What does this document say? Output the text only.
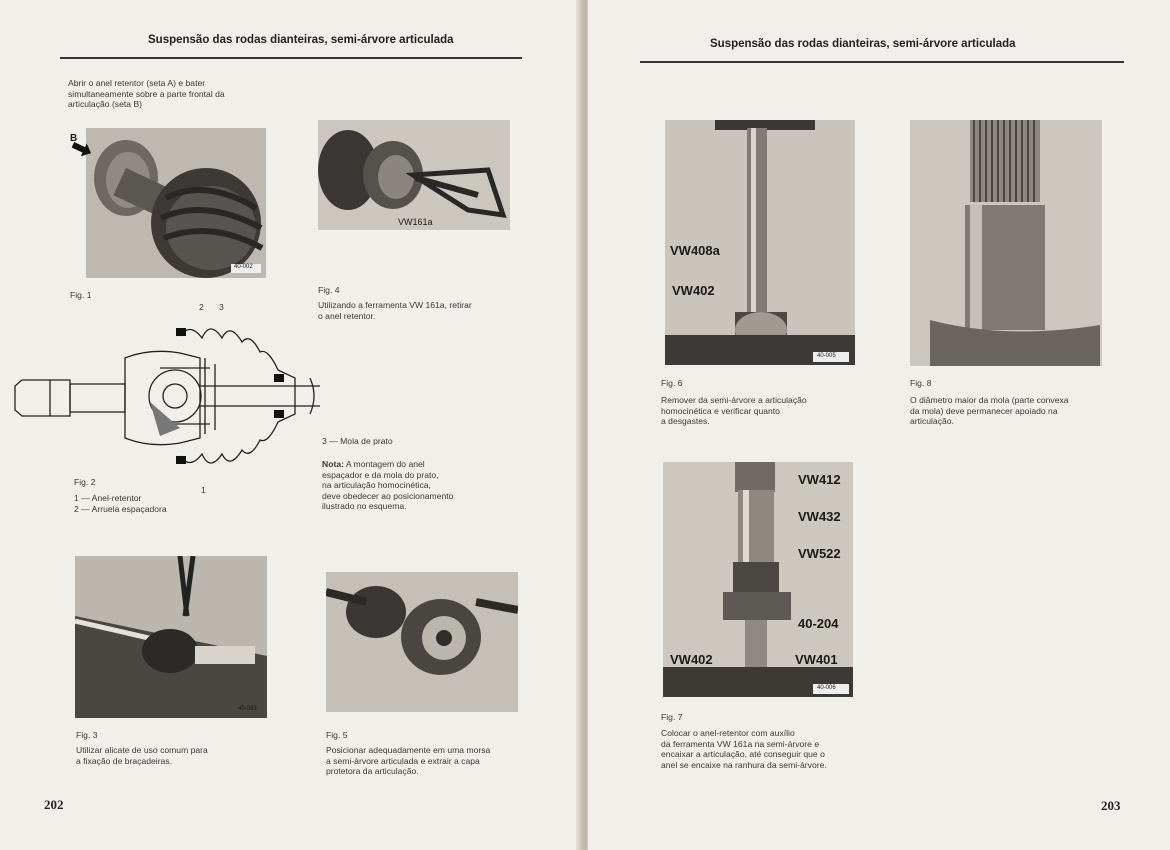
Suspensão das rodas dianteiras, semi-árvore articulada
Abrir o anel retentor (seta A) e bater
simultaneamente sobre a parte frontal da
articulação (seta B)
40-002
B
Fig. 1
VW161a
Fig. 4
Utilizando a ferramenta VW 161a, retirar
o anel retentor.
2 3
1
Fig. 2
1 — Anel-retentor
2 — Arruela espaçadora
3 — Mola de prato
Nota: A montagem do anel
espaçador e da mola do prato,
na articulação homocinética,
deve obedecer ao posicionamento
ilustrado no esquema.
40-093
Fig. 3
Utilizar alicate de uso comum para
a fixação de braçadeiras.
Fig. 5
Posicionar adequadamente em uma morsa
a semi-árvore articulada e extrair a capa
protetora da articulação.
202
Suspensão das rodas dianteiras, semi-árvore articulada
40-005
VW408a
VW402
Fig. 6
Remover da semi-árvore a articulação
homocinética e verificar quanto
a desgastes.
Fig. 8
O diâmetro maior da mola (parte convexa
da mola) deve permanecer apoiado na
articulação.
40-006
VW412
VW432
VW522
40-204
VW402	VW401
Fig. 7
Colocar o anel-retentor com auxílio
da ferramenta VW 161a na semi-árvore e
encaixar a articulação, até conseguir que o
anel se encaixe na ranhura da semi-árvore.
203
